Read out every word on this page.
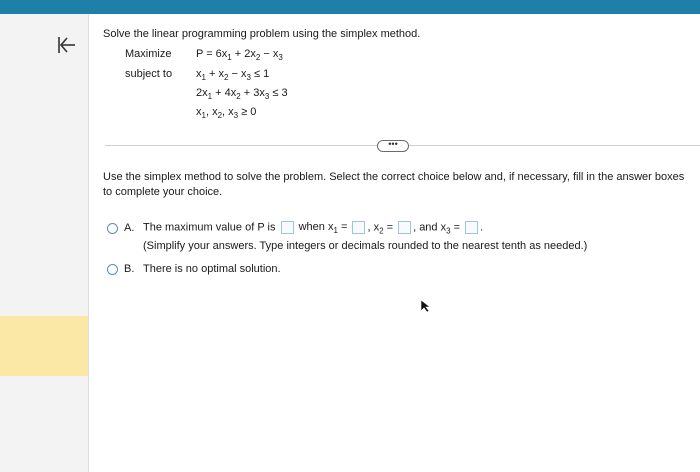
Solve the linear programming problem using the simplex method.
Maximize $P = 6x_1 + 2x_2 - x_3$
subject to $x_1 + x_2 - x_3 \le 1$
$2x_1 + 4x_2 + 3x_3 \le 3$
$x_1$, $x_2$, $x_3 \ge 0$
•••
Use the simplex method to solve the problem. Select the correct choice below and, if necessary, fill in the answer boxes
to complete your choice.
A. The maximum value of P is when $x_1$ = , $x_2$ = , and $x_3$ = .
(Simplify your answers. Type integers or decimals rounded to the nearest tenth as needed.)
B. There is no optimal solution.
